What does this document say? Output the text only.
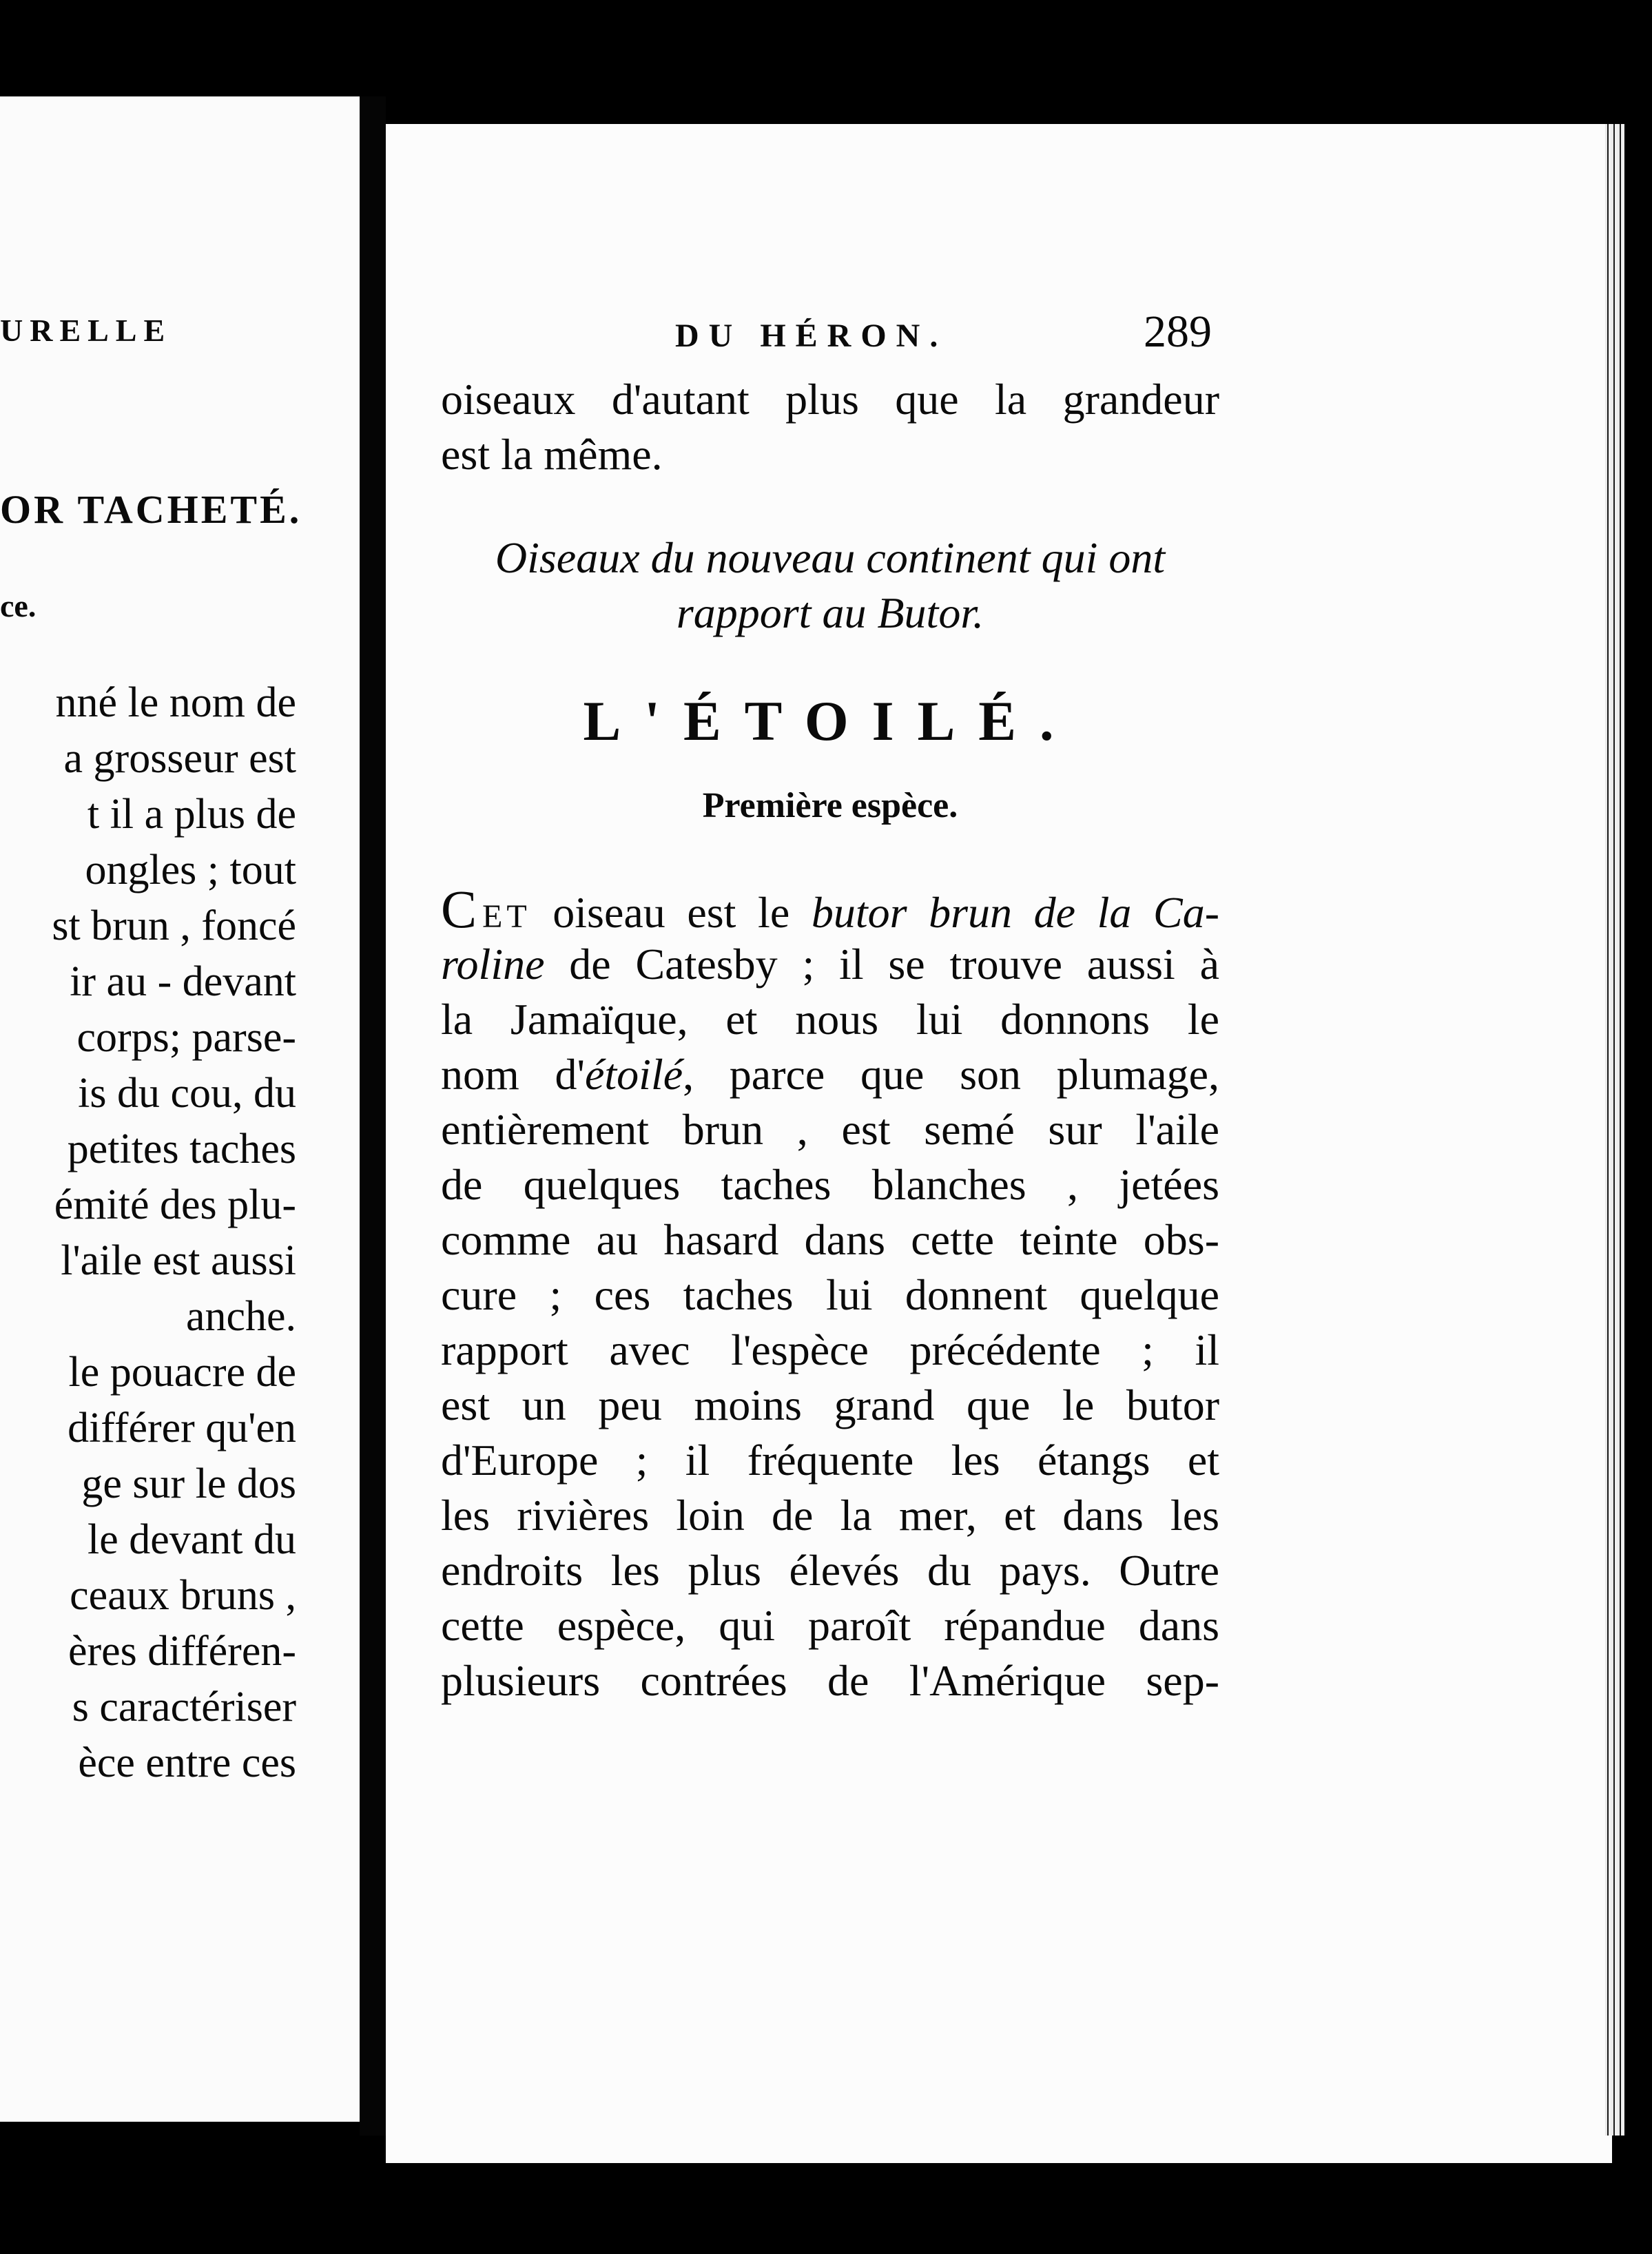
URELLE
OR TACHETÉ.
ce.
nné le nom de
a grosseur est
t il a plus de
ongles ; tout
st brun , foncé
ir au - devant
corps; parse-
is du cou, du
petites taches
émité des plu-
l'aile est aussi
anche.
le pouacre de
différer qu'en
ge sur le dos
le devant du
ceaux bruns ,
ères différen-
s caractériser
èce entre ces
DU HÉRON.	289
oiseaux d'autant plus que la grandeur
est la même.
Oiseaux du nouveau continent qui ont
rapport au Butor.
L'ÉTOILÉ.
Première espèce.
CET oiseau est le butor brun de la Ca-
roline de Catesby ; il se trouve aussi à
la Jamaïque, et nous lui donnons le
nom d'étoilé, parce que son plumage,
entièrement brun , est semé sur l'aile
de quelques taches blanches , jetées
comme au hasard dans cette teinte obs-
cure ; ces taches lui donnent quelque
rapport avec l'espèce précédente ; il
est un peu moins grand que le butor
d'Europe ; il fréquente les étangs et
les rivières loin de la mer, et dans les
endroits les plus élevés du pays. Outre
cette espèce, qui paroît répandue dans
plusieurs contrées de l'Amérique sep-
